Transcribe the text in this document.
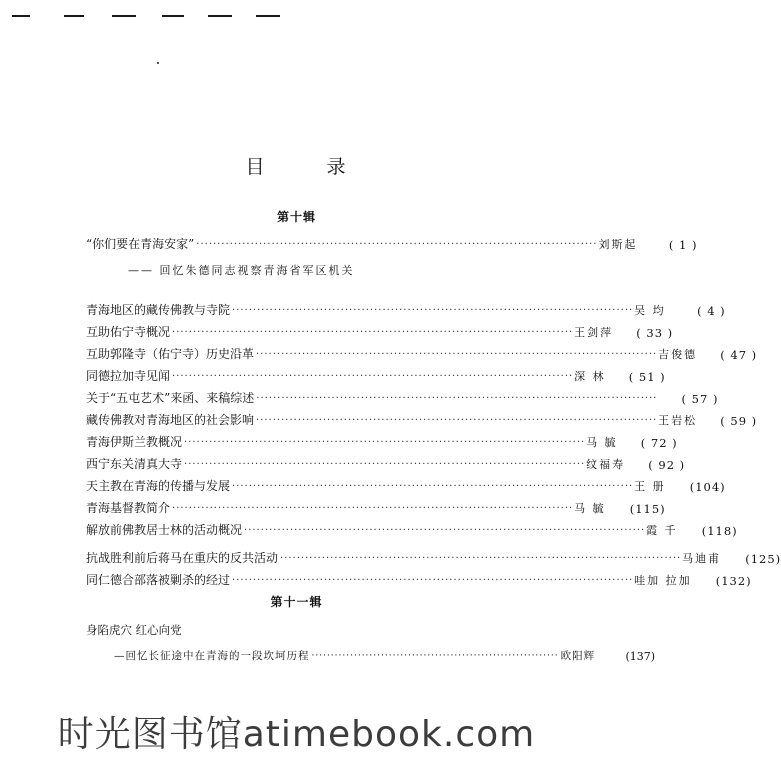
目 录
第十辑
“你们要在青海安家” ································································································ 刘斯起	( 1 )
—— 回忆朱德同志视察青海省军区机关
青海地区的藏传佛教与寺院 ································································································ 吴 均	( 4 )
互助佑宁寺概况 ································································································ 王剑萍	( 33 )
互助郭隆寺（佑宁寺）历史沿革 ································································································ 吉俊德	( 47 )
同德拉加寺见闻 ································································································ 深 林	( 51 )
关于“五屯艺术”来函、来稿综述 ································································································	( 57 )
藏传佛教对青海地区的社会影响 ································································································ 王岩松	( 59 )
青海伊斯兰教概况 ································································································ 马 毓	( 72 )
西宁东关清真大寺 ································································································ 纹福寿	( 92 )
天主教在青海的传播与发展 ································································································ 王 册	(104)
青海基督教简介 ································································································ 马 毓	(115)
解放前佛教居士林的活动概况 ································································································ 霞 千	(118)
抗战胜利前后蒋马在重庆的反共活动 ································································································ 马迪甫	(125)
同仁德合部落被剿杀的经过 ································································································ 哇加 拉加	(132)
第十一辑
身陷虎穴 红心向党
—回忆长征途中在青海的一段坎坷历程 ································································ 欧阳辉	(137)
时光图书馆atimebook.com
